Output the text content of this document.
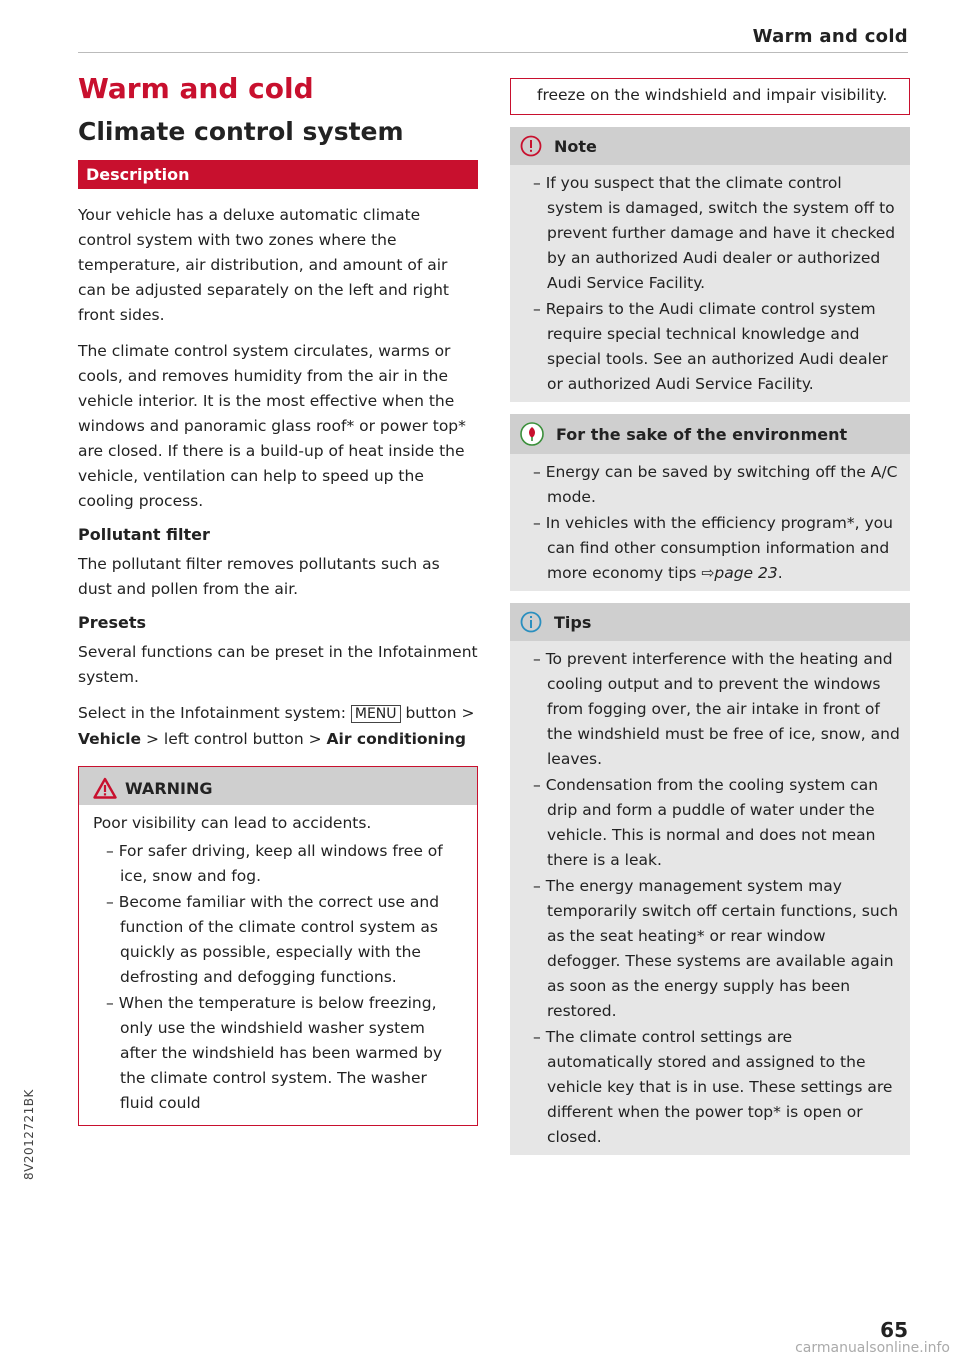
Warm and cold
Warm and cold
Climate control system
Description

Your vehicle has a deluxe automatic climate control system with two zones where the temperature, air distribution, and amount of air can be adjusted separately on the left and right front sides.

The climate control system circulates, warms or cools, and removes humidity from the air in the vehicle interior. It is the most effective when the windows and panoramic glass roof* or power top* are closed. If there is a build-up of heat inside the vehicle, ventilation can help to speed up the cooling process.

Pollutant filter

The pollutant filter removes pollutants such as dust and pollen from the air.

Presets

Several functions can be preset in the Infotainment system.

Select in the Infotainment system: MENU button > Vehicle > left control button > Air conditioning

WARNING

Poor visibility can lead to accidents.

– For safer driving, keep all windows free of ice, snow and fog.
– Become familiar with the correct use and function of the climate control system as quickly as possible, especially with the defrosting and defogging functions.
– When the temperature is below freezing, only use the windshield washer system after the windshield has been warmed by the climate control system. The washer fluid could

freeze on the windshield and impair visibility.

Note
– If you suspect that the climate control system is damaged, switch the system off to prevent further damage and have it checked by an authorized Audi dealer or authorized Audi Service Facility.
– Repairs to the Audi climate control system require special technical knowledge and special tools. See an authorized Audi dealer or authorized Audi Service Facility.
For the sake of the environment
– Energy can be saved by switching off the A/C mode.
– In vehicles with the efficiency program*, you can find other consumption information and more economy tips ⇨page 23.
Tips
– To prevent interference with the heating and cooling output and to prevent the windows from fogging over, the air intake in front of the windshield must be free of ice, snow, and leaves.
– Condensation from the cooling system can drip and form a puddle of water under the vehicle. This is normal and does not mean there is a leak.
– The energy management system may temporarily switch off certain functions, such as the seat heating* or rear window defogger. These systems are available again as soon as the energy supply has been restored.
– The climate control settings are automatically stored and assigned to the vehicle key that is in use. These settings are different when the power top* is open or closed.
8V2012721BK
65
carmanualsonline.info
